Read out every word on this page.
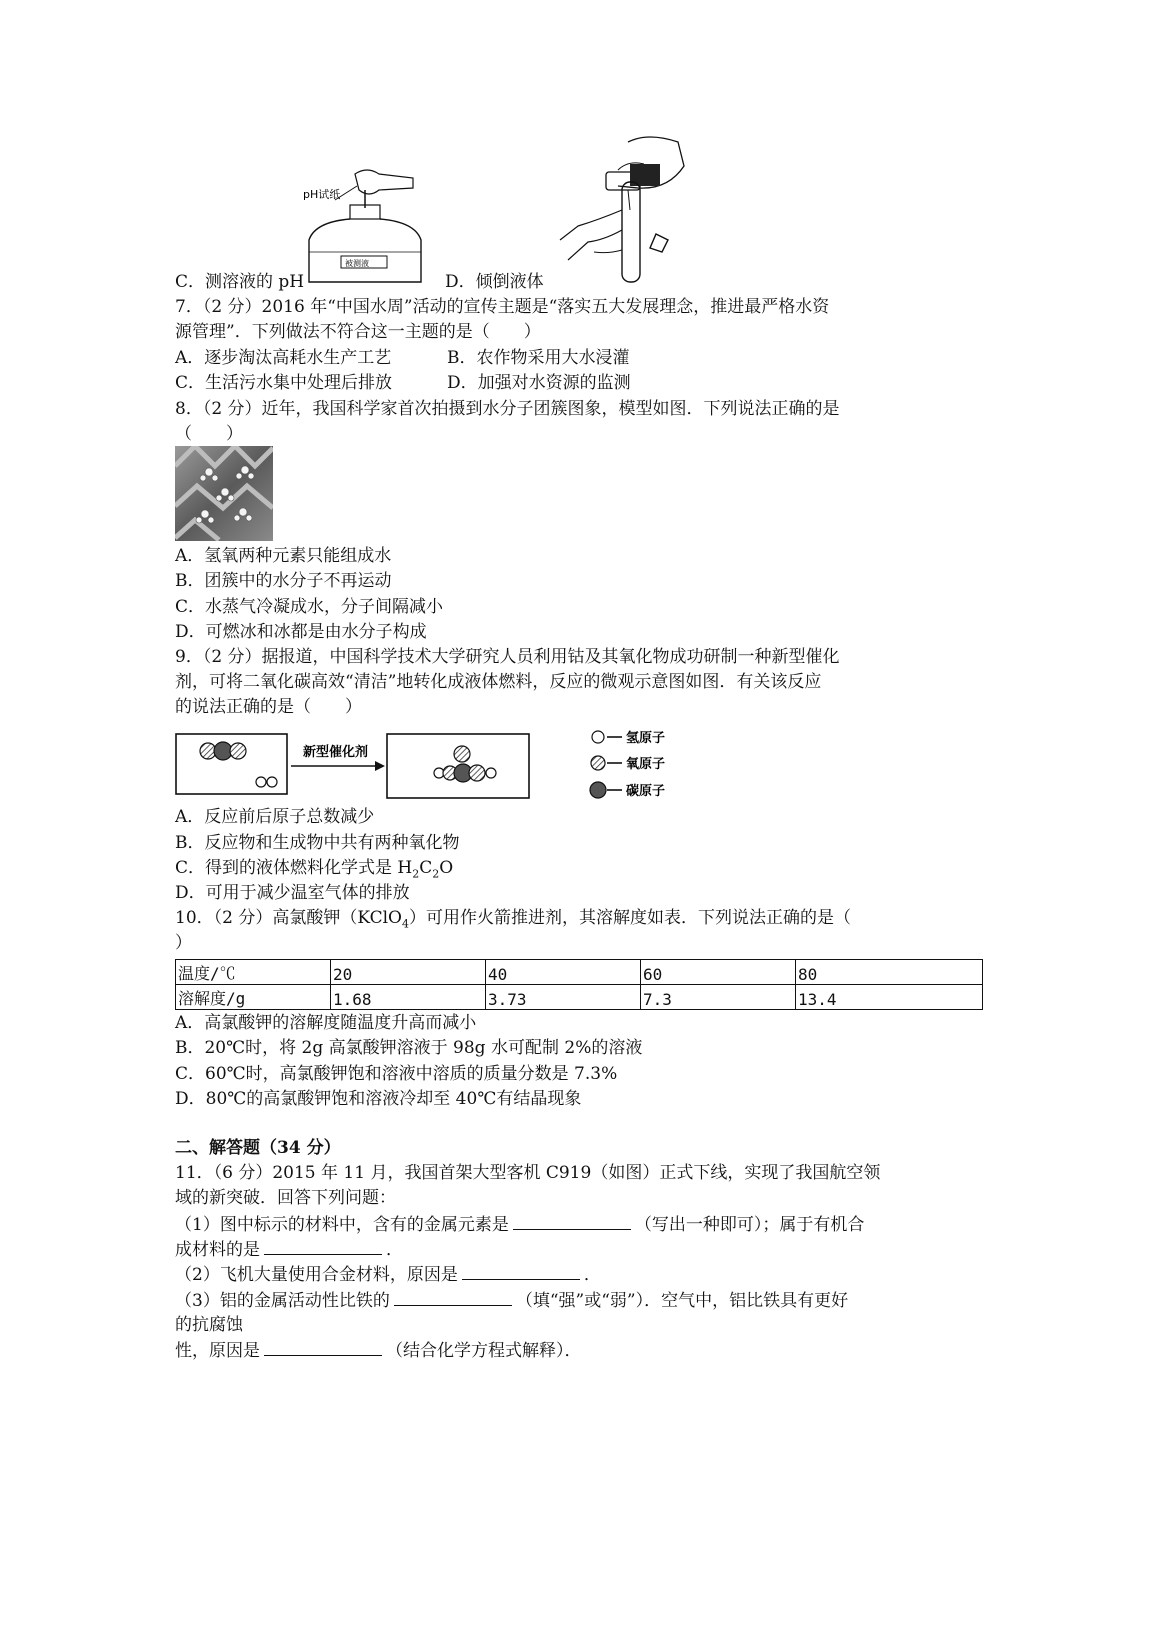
pH试纸
被测液
C．测溶液的 pH	D．倾倒液体
7．（2 分）2016 年“中国水周”活动的宣传主题是“落实五大发展理念，推进最严格水资
源管理”．下列做法不符合这一主题的是（　　）
A．逐步淘汰高耗水生产工艺	B．农作物采用大水浸灌
C．生活污水集中处理后排放	D．加强对水资源的监测
8．（2 分）近年，我国科学家首次拍摄到水分子团簇图象，模型如图．下列说法正确的是
（　　）
A．氢氧两种元素只能组成水
B．团簇中的水分子不再运动
C．水蒸气冷凝成水，分子间隔减小
D．可燃冰和冰都是由水分子构成
9．（2 分）据报道，中国科学技术大学研究人员利用钴及其氧化物成功研制一种新型催化
剂，可将二氧化碳高效“清洁”地转化成液体燃料，反应的微观示意图如图．有关该反应
的说法正确的是（　　）
新型催化剂
氢原子
氧原子
碳原子
A．反应前后原子总数减少
B．反应物和生成物中共有两种氧化物
C．得到的液体燃料化学式是 $H_2C_2O$
D．可用于减少温室气体的排放
10．（2 分）高氯酸钾（KClO$_4$）可用作火箭推进剂，其溶解度如表．下列说法正确的是（
）
温度/℃	20	40	60	80
溶解度/g	1.68	3.73	7.3	13.4
A．高氯酸钾的溶解度随温度升高而减小
B．20℃时，将 2g 高氯酸钾溶液于 98g 水可配制 2%的溶液
C．60℃时，高氯酸钾饱和溶液中溶质的质量分数是 7.3%
D．80℃的高氯酸钾饱和溶液冷却至 40℃有结晶现象
二、解答题（34 分）
11．（6 分）2015 年 11 月，我国首架大型客机 C919（如图）正式下线，实现了我国航空领
域的新突破．回答下列问题：
（1）图中标示的材料中，含有的金属元素是	（写出一种即可）；属于有机合
成材料的是	．
（2）飞机大量使用合金材料，原因是	．
（3）铝的金属活动性比铁的	（填“强”或“弱”）．空气中，铝比铁具有更好
的抗腐蚀
性，原因是	（结合化学方程式解释）．
